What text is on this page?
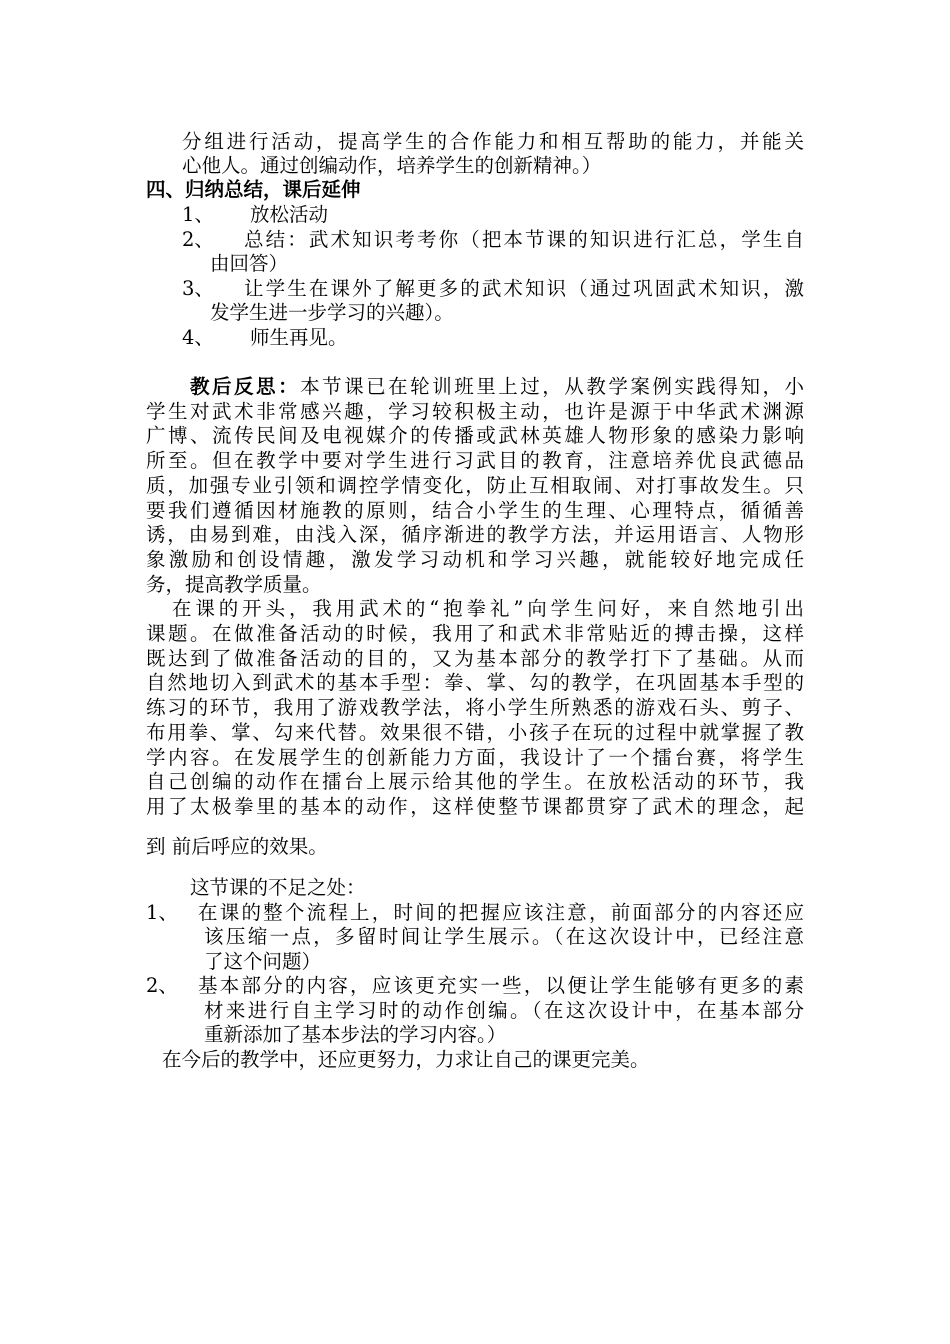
分组进行活动，提高学生的合作能力和相互帮助的能力，并能关
心他人。通过创编动作，培养学生的创新精神。）
四、归纳总结，课后延伸
1、 放松活动
2、 总结：武术知识考考你（把本节课的知识进行汇总，学生自
由回答）
3、 让学生在课外了解更多的武术知识（通过巩固武术知识，激
发学生进一步学习的兴趣）。
4、 师生再见。
教后反思：本节课已在轮训班里上过，从教学案例实践得知，小
学生对武术非常感兴趣，学习较积极主动，也许是源于中华武术渊源
广博、流传民间及电视媒介的传播或武林英雄人物形象的感染力影响
所至。但在教学中要对学生进行习武目的教育，注意培养优良武德品
质，加强专业引领和调控学情变化，防止互相取闹、对打事故发生。只
要我们遵循因材施教的原则，结合小学生的生理、心理特点，循循善
诱，由易到难，由浅入深，循序渐进的教学方法，并运用语言、人物形
象激励和创设情趣，激发学习动机和学习兴趣，就能较好地完成任
务，提高教学质量。
在课的开头，我用武术的“抱拳礼”向学生问好，来自然地引出
课题。在做准备活动的时候，我用了和武术非常贴近的搏击操，这样
既达到了做准备活动的目的，又为基本部分的教学打下了基础。从而
自然地切入到武术的基本手型：拳、掌、勾的教学，在巩固基本手型的
练习的环节，我用了游戏教学法，将小学生所熟悉的游戏石头、剪子、
布用拳、掌、勾来代替。效果很不错，小孩子在玩的过程中就掌握了教
学内容。在发展学生的创新能力方面，我设计了一个擂台赛，将学生
自己创编的动作在擂台上展示给其他的学生。在放松活动的环节，我
用了太极拳里的基本的动作，这样使整节课都贯穿了武术的理念，起
到 前后呼应的效果。
这节课的不足之处：
1、 在课的整个流程上，时间的把握应该注意，前面部分的内容还应
该压缩一点，多留时间让学生展示。（在这次设计中，已经注意
了这个问题）
2、 基本部分的内容，应该更充实一些，以便让学生能够有更多的素
材来进行自主学习时的动作创编。（在这次设计中，在基本部分
重新添加了基本步法的学习内容。）
在今后的教学中，还应更努力，力求让自己的课更完美。
